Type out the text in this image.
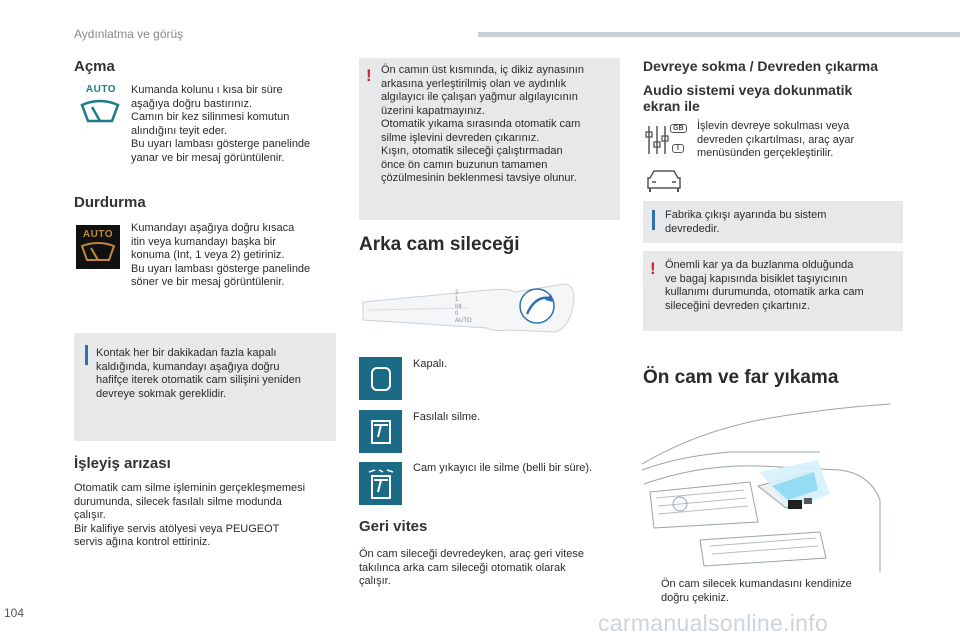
Aydınlatma ve görüş
Açma
AUTO	Kumanda kolunu ı kısa bir süre
aşağıya doğru bastırınız.
Camın bir kez silinmesi komutun
alındığını teyit eder.
Bu uyarı lambası gösterge panelinde
yanar ve bir mesaj görüntülenir.
Durdurma
AUTO
Kumandayı aşağıya doğru kısaca
itin veya kumandayı başka bir
konuma (Int, 1 veya 2) getiriniz.
Bu uyarı lambası gösterge panelinde
söner ve bir mesaj görüntülenir.
Kontak her bir dakikadan fazla kapalı
kaldığında, kumandayı aşağıya doğru
hafifçe iterek otomatik cam silişini yeniden
devreye sokmak gereklidir.
İşleyiş arızası
Otomatik cam silme işleminin gerçekleşmemesi
durumunda, silecek fasılalı silme modunda
çalışır.
Bir kalifiye servis atölyesi veya PEUGEOT
servis ağına kontrol ettiriniz.
! Ön camın üst kısmında, iç dikiz aynasının
arkasına yerleştirilmiş olan ve aydınlık
algılayıcı ile çalışan yağmur algılayıcının
üzerini kapatmayınız.
Otomatik yıkama sırasında otomatik cam
silme işlevini devreden çıkarınız.
Kışın, otomatik sileceği çalıştırmadan
önce ön camın buzunun tamamen
çözülmesinin beklenmesi tavsiye olunur.
Arka cam sileceği
2
1
Int
0
AUTO
Kapalı.
Fasılalı silme.
Cam yıkayıcı ile silme (belli bir süre).
Geri vites
Ön cam sileceği devredeyken, araç geri vitese
takılınca arka cam sileceği otomatik olarak
çalışır.
Devreye sokma / Devreden çıkarma
Audio sistemi veya dokunmatik
ekran ile
GB
I
İşlevin devreye sokulması veya
devreden çıkartılması, araç ayar
menüsünden gerçekleştirilir.
Fabrika çıkışı ayarında bu sistem
devrededir.
! Önemli kar ya da buzlanma olduğunda
ve bagaj kapısında bisiklet taşıyıcının
kullanımı durumunda, otomatik arka cam
sileceğini devreden çıkartınız.
Ön cam ve far yıkama
Ön cam silecek kumandasını kendinize
doğru çekiniz.
104	carmanualsonline.info
